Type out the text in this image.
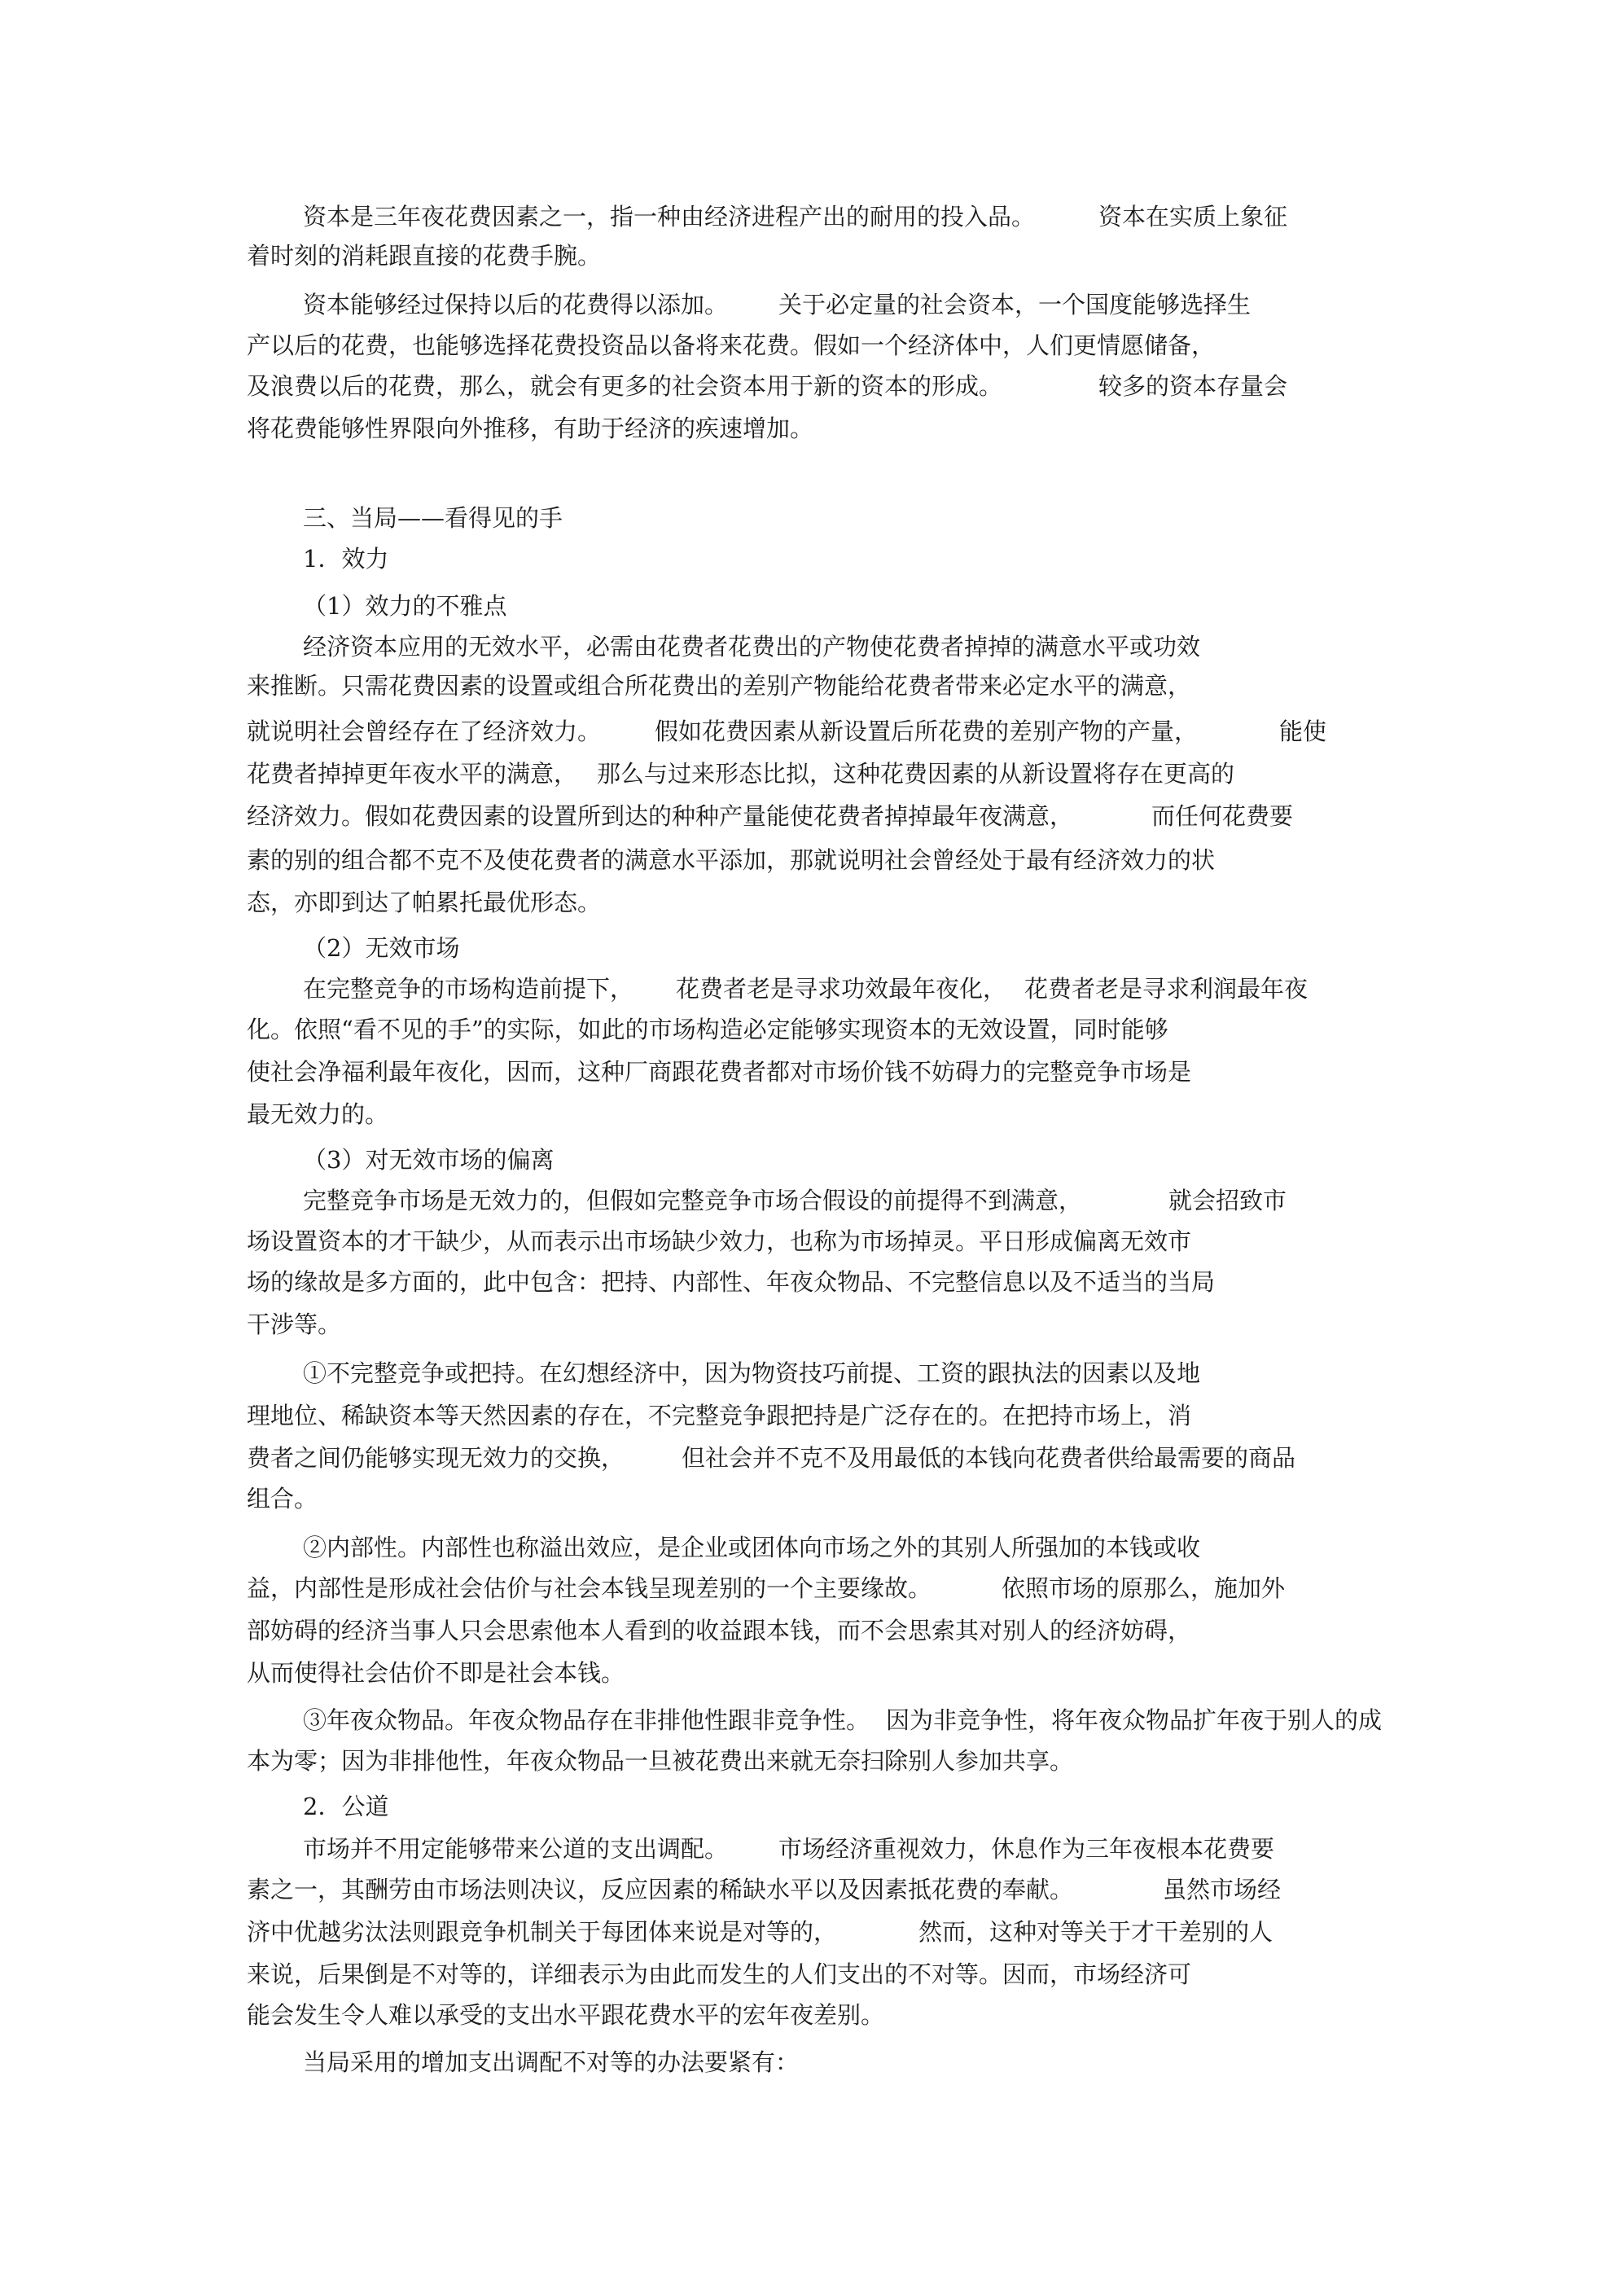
资本是三年夜花费因素之一，指一种由经济进程产出的耐用的投入品。	资本在实质上象征
着时刻的消耗跟直接的花费手腕。
资本能够经过保持以后的花费得以添加。 关于必定量的社会资本，一个国度能够选择生
产以后的花费，也能够选择花费投资品以备将来花费。假如一个经济体中，人们更情愿储备，
及浪费以后的花费，那么，就会有更多的社会资本用于新的资本的形成。	较多的资本存量会
将花费能够性界限向外推移，有助于经济的疾速增加。
三、当局——看得见的手
1．效力
（1）效力的不雅点
经济资本应用的无效水平，必需由花费者花费出的产物使花费者掉掉的满意水平或功效
来推断。只需花费因素的设置或组合所花费出的差别产物能给花费者带来必定水平的满意，
就说明社会曾经存在了经济效力。 假如花费因素从新设置后所花费的差别产物的产量，	能使
花费者掉掉更年夜水平的满意， 那么与过来形态比拟，这种花费因素的从新设置将存在更高的
经济效力。假如花费因素的设置所到达的种种产量能使花费者掉掉最年夜满意，	而任何花费要
素的别的组合都不克不及使花费者的满意水平添加，那就说明社会曾经处于最有经济效力的状
态，亦即到达了帕累托最优形态。
（2）无效市场
在完整竞争的市场构造前提下， 花费者老是寻求功效最年夜化， 花费者老是寻求利润最年夜
化。依照“看不见的手”的实际，如此的市场构造必定能够实现资本的无效设置，同时能够
使社会净福利最年夜化，因而，这种厂商跟花费者都对市场价钱不妨碍力的完整竞争市场是
最无效力的。
（3）对无效市场的偏离
完整竞争市场是无效力的，但假如完整竞争市场合假设的前提得不到满意，	就会招致市
场设置资本的才干缺少，从而表示出市场缺少效力，也称为市场掉灵。平日形成偏离无效市
场的缘故是多方面的，此中包含：把持、内部性、年夜众物品、不完整信息以及不适当的当局
干涉等。
①不完整竞争或把持。在幻想经济中，因为物资技巧前提、工资的跟执法的因素以及地
理地位、稀缺资本等天然因素的存在，不完整竞争跟把持是广泛存在的。在把持市场上，消
费者之间仍能够实现无效力的交换， 但社会并不克不及用最低的本钱向花费者供给最需要的商品
组合。
②内部性。内部性也称溢出效应，是企业或团体向市场之外的其别人所强加的本钱或收
益，内部性是形成社会估价与社会本钱呈现差别的一个主要缘故。	依照市场的原那么，施加外
部妨碍的经济当事人只会思索他本人看到的收益跟本钱，而不会思索其对别人的经济妨碍，
从而使得社会估价不即是社会本钱。
③年夜众物品。年夜众物品存在非排他性跟非竞争性。 因为非竞争性，将年夜众物品扩年夜于别人的成
本为零；因为非排他性，年夜众物品一旦被花费出来就无奈扫除别人参加共享。
2．公道
市场并不用定能够带来公道的支出调配。 市场经济重视效力，休息作为三年夜根本花费要
素之一，其酬劳由市场法则决议，反应因素的稀缺水平以及因素抵花费的奉献。	虽然市场经
济中优越劣汰法则跟竞争机制关于每团体来说是对等的，	然而，这种对等关于才干差别的人
来说，后果倒是不对等的，详细表示为由此而发生的人们支出的不对等。因而，市场经济可
能会发生令人难以承受的支出水平跟花费水平的宏年夜差别。
当局采用的增加支出调配不对等的办法要紧有：
